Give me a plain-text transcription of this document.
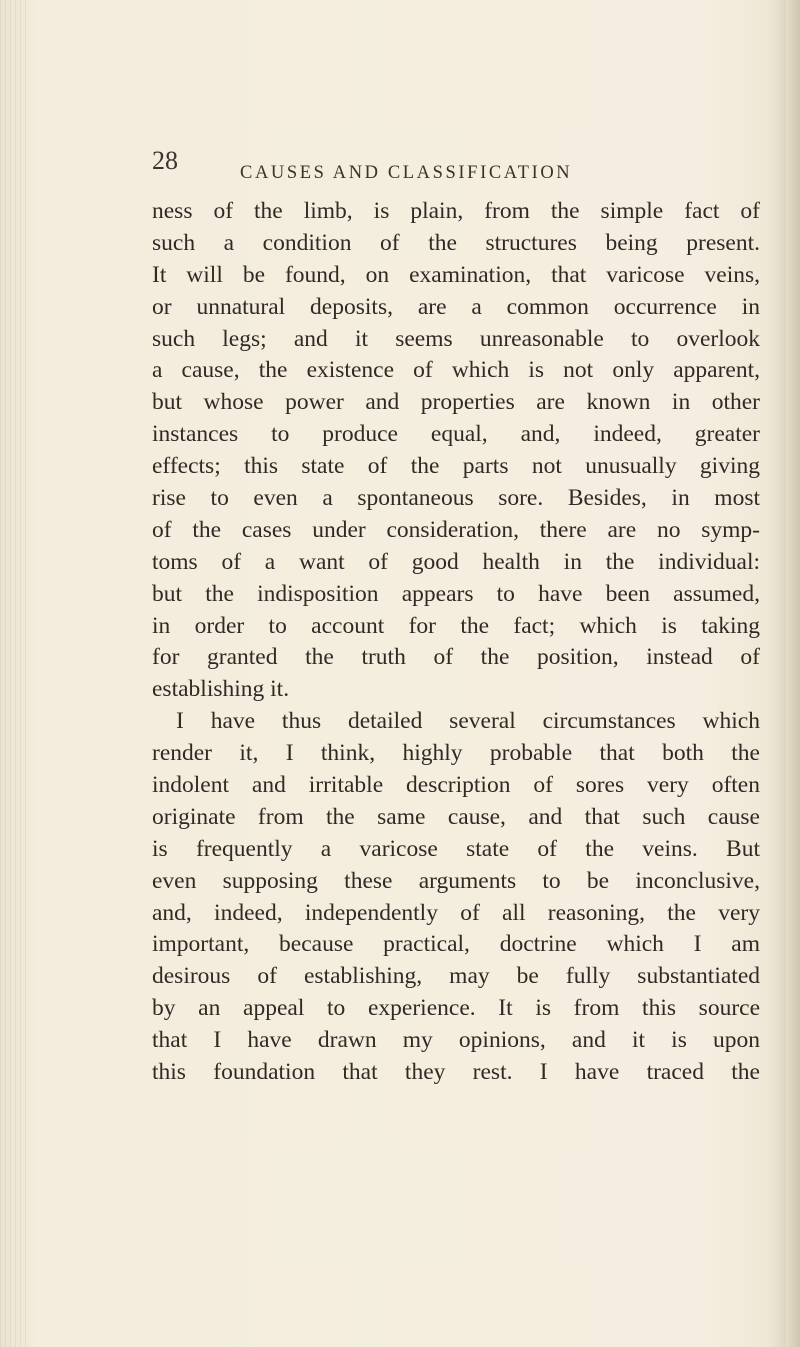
28	CAUSES AND CLASSIFICATION
ness of the limb, is plain, from the simple fact of
such a condition of the structures being present.
It will be found, on examination, that varicose veins,
or unnatural deposits, are a common occurrence in
such legs; and it seems unreasonable to overlook
a cause, the existence of which is not only apparent,
but whose power and properties are known in other
instances to produce equal, and, indeed, greater
effects; this state of the parts not unusually giving
rise to even a spontaneous sore. Besides, in most
of the cases under consideration, there are no symp-
toms of a want of good health in the individual:
but the indisposition appears to have been assumed,
in order to account for the fact; which is taking
for granted the truth of the position, instead of
establishing it.
I have thus detailed several circumstances which
render it, I think, highly probable that both the
indolent and irritable description of sores very often
originate from the same cause, and that such cause
is frequently a varicose state of the veins. But
even supposing these arguments to be inconclusive,
and, indeed, independently of all reasoning, the very
important, because practical, doctrine which I am
desirous of establishing, may be fully substantiated
by an appeal to experience. It is from this source
that I have drawn my opinions, and it is upon
this foundation that they rest. I have traced the
